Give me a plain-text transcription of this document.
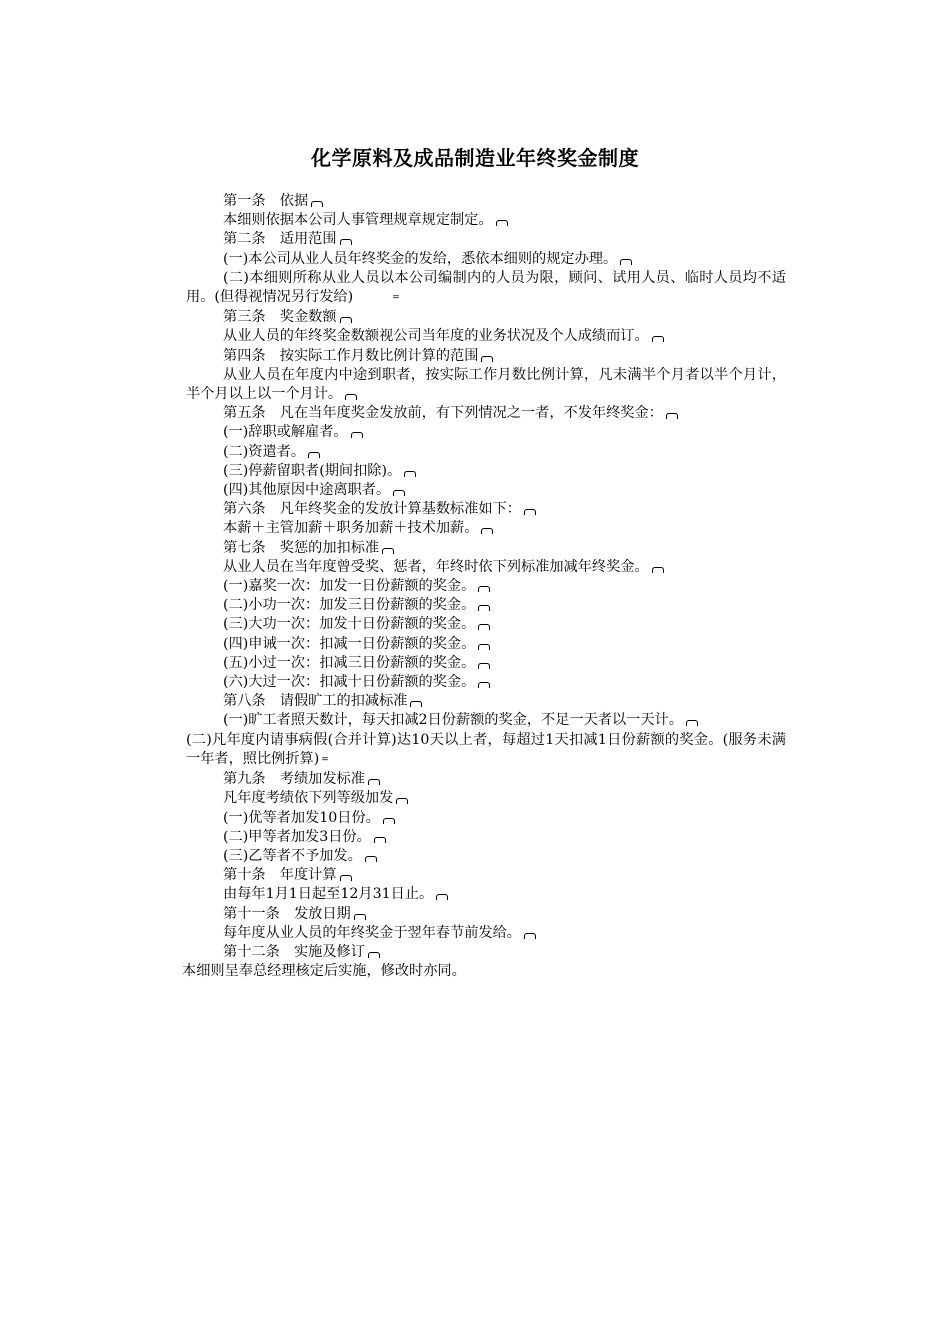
化学原料及成品制造业年终奖金制度
第一条　依据
本细则依据本公司人事管理规章规定制定。
第二条　适用范围
(一)本公司从业人员年终奖金的发给，悉依本细则的规定办理。
(二)本细则所称从业人员以本公司编制内的人员为限，顾问、试用人员、临时人员均不适用。(但得视情况另行发给)	=
第三条　奖金数额
从业人员的年终奖金数额视公司当年度的业务状况及个人成绩而订。
第四条　按实际工作月数比例计算的范围
从业人员在年度内中途到职者，按实际工作月数比例计算，凡未满半个月者以半个月计，半个月以上以一个月计。
第五条　凡在当年度奖金发放前，有下列情况之一者，不发年终奖金：
(一)辞职或解雇者。
(二)资遣者。
(三)停薪留职者(期间扣除)。
(四)其他原因中途离职者。
第六条　凡年终奖金的发放计算基数标准如下：
本薪＋主管加薪＋职务加薪＋技术加薪。
第七条　奖惩的加扣标准
从业人员在当年度曾受奖、惩者，年终时依下列标准加减年终奖金。
(一)嘉奖一次：加发一日份薪额的奖金。
(二)小功一次：加发三日份薪额的奖金。
(三)大功一次：加发十日份薪额的奖金。
(四)申诫一次：扣减一日份薪额的奖金。
(五)小过一次：扣减三日份薪额的奖金。
(六)大过一次：扣减十日份薪额的奖金。
第八条　请假旷工的扣减标准
(一)旷工者照天数计，每天扣减2日份薪额的奖金，不足一天者以一天计。
(二)凡年度内请事病假(合并计算)达10天以上者，每超过1天扣减1日份薪额的奖金。(服务未满一年者，照比例折算) =
第九条　考绩加发标准
凡年度考绩依下列等级加发
(一)优等者加发10日份。
(二)甲等者加发3日份。
(三)乙等者不予加发。
第十条　年度计算
由每年1月1日起至12月31日止。
第十一条　发放日期
每年度从业人员的年终奖金于翌年春节前发给。
第十二条　实施及修订
本细则呈奉总经理核定后实施，修改时亦同。
